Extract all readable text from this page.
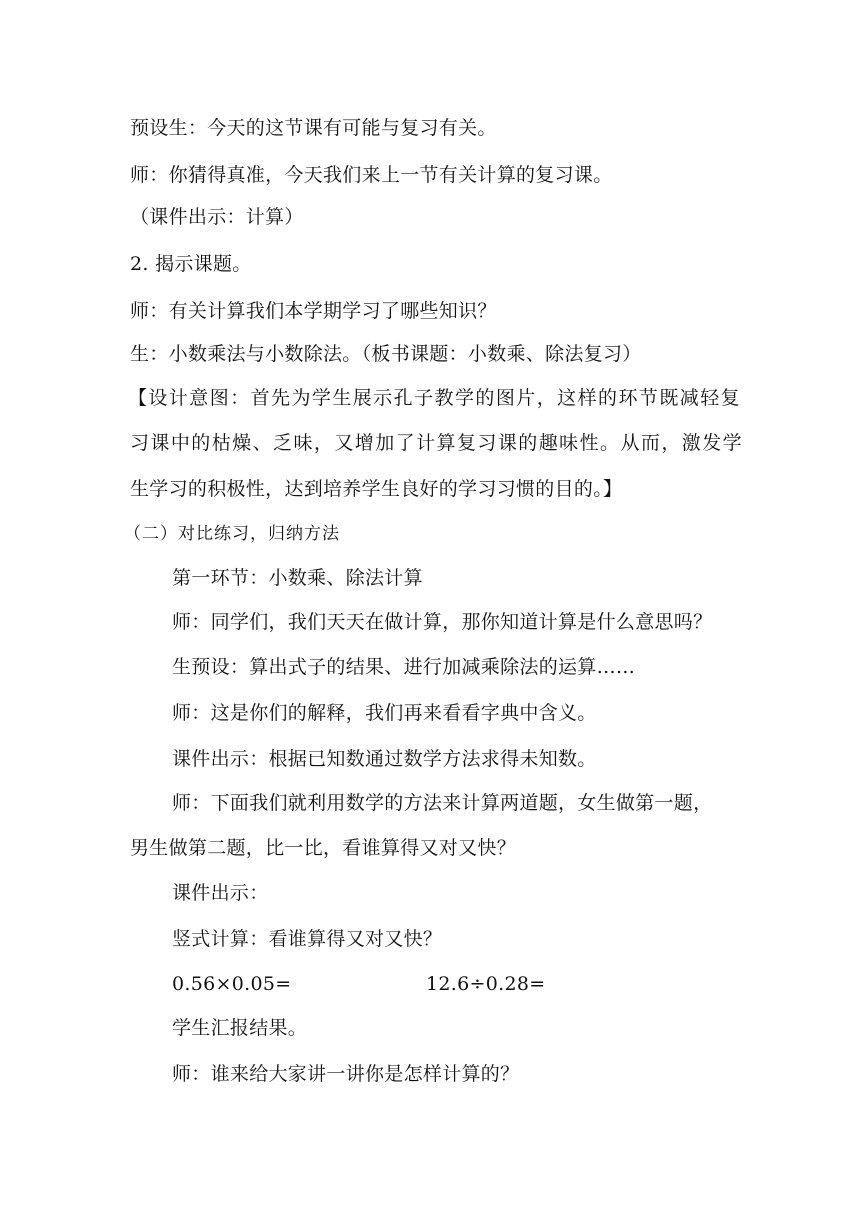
预设生：今天的这节课有可能与复习有关。
师：你猜得真准，今天我们来上一节有关计算的复习课。
（课件出示：计算）
2. 揭示课题。
师：有关计算我们本学期学习了哪些知识？
生：小数乘法与小数除法。（板书课题：小数乘、除法复习）
【设计意图：首先为学生展示孔子教学的图片，这样的环节既减轻复
习课中的枯燥、乏味，又增加了计算复习课的趣味性。从而，激发学
生学习的积极性，达到培养学生良好的学习习惯的目的。】
（二）对比练习，归纳方法
第一环节：小数乘、除法计算
师：同学们，我们天天在做计算，那你知道计算是什么意思吗？
生预设：算出式子的结果、进行加减乘除法的运算……
师：这是你们的解释，我们再来看看字典中含义。
课件出示：根据已知数通过数学方法求得未知数。
师：下面我们就利用数学的方法来计算两道题，女生做第一题，
男生做第二题，比一比，看谁算得又对又快？
课件出示：
竖式计算：看谁算得又对又快？
0.56×0.05=	12.6÷0.28=
学生汇报结果。
师：谁来给大家讲一讲你是怎样计算的？
